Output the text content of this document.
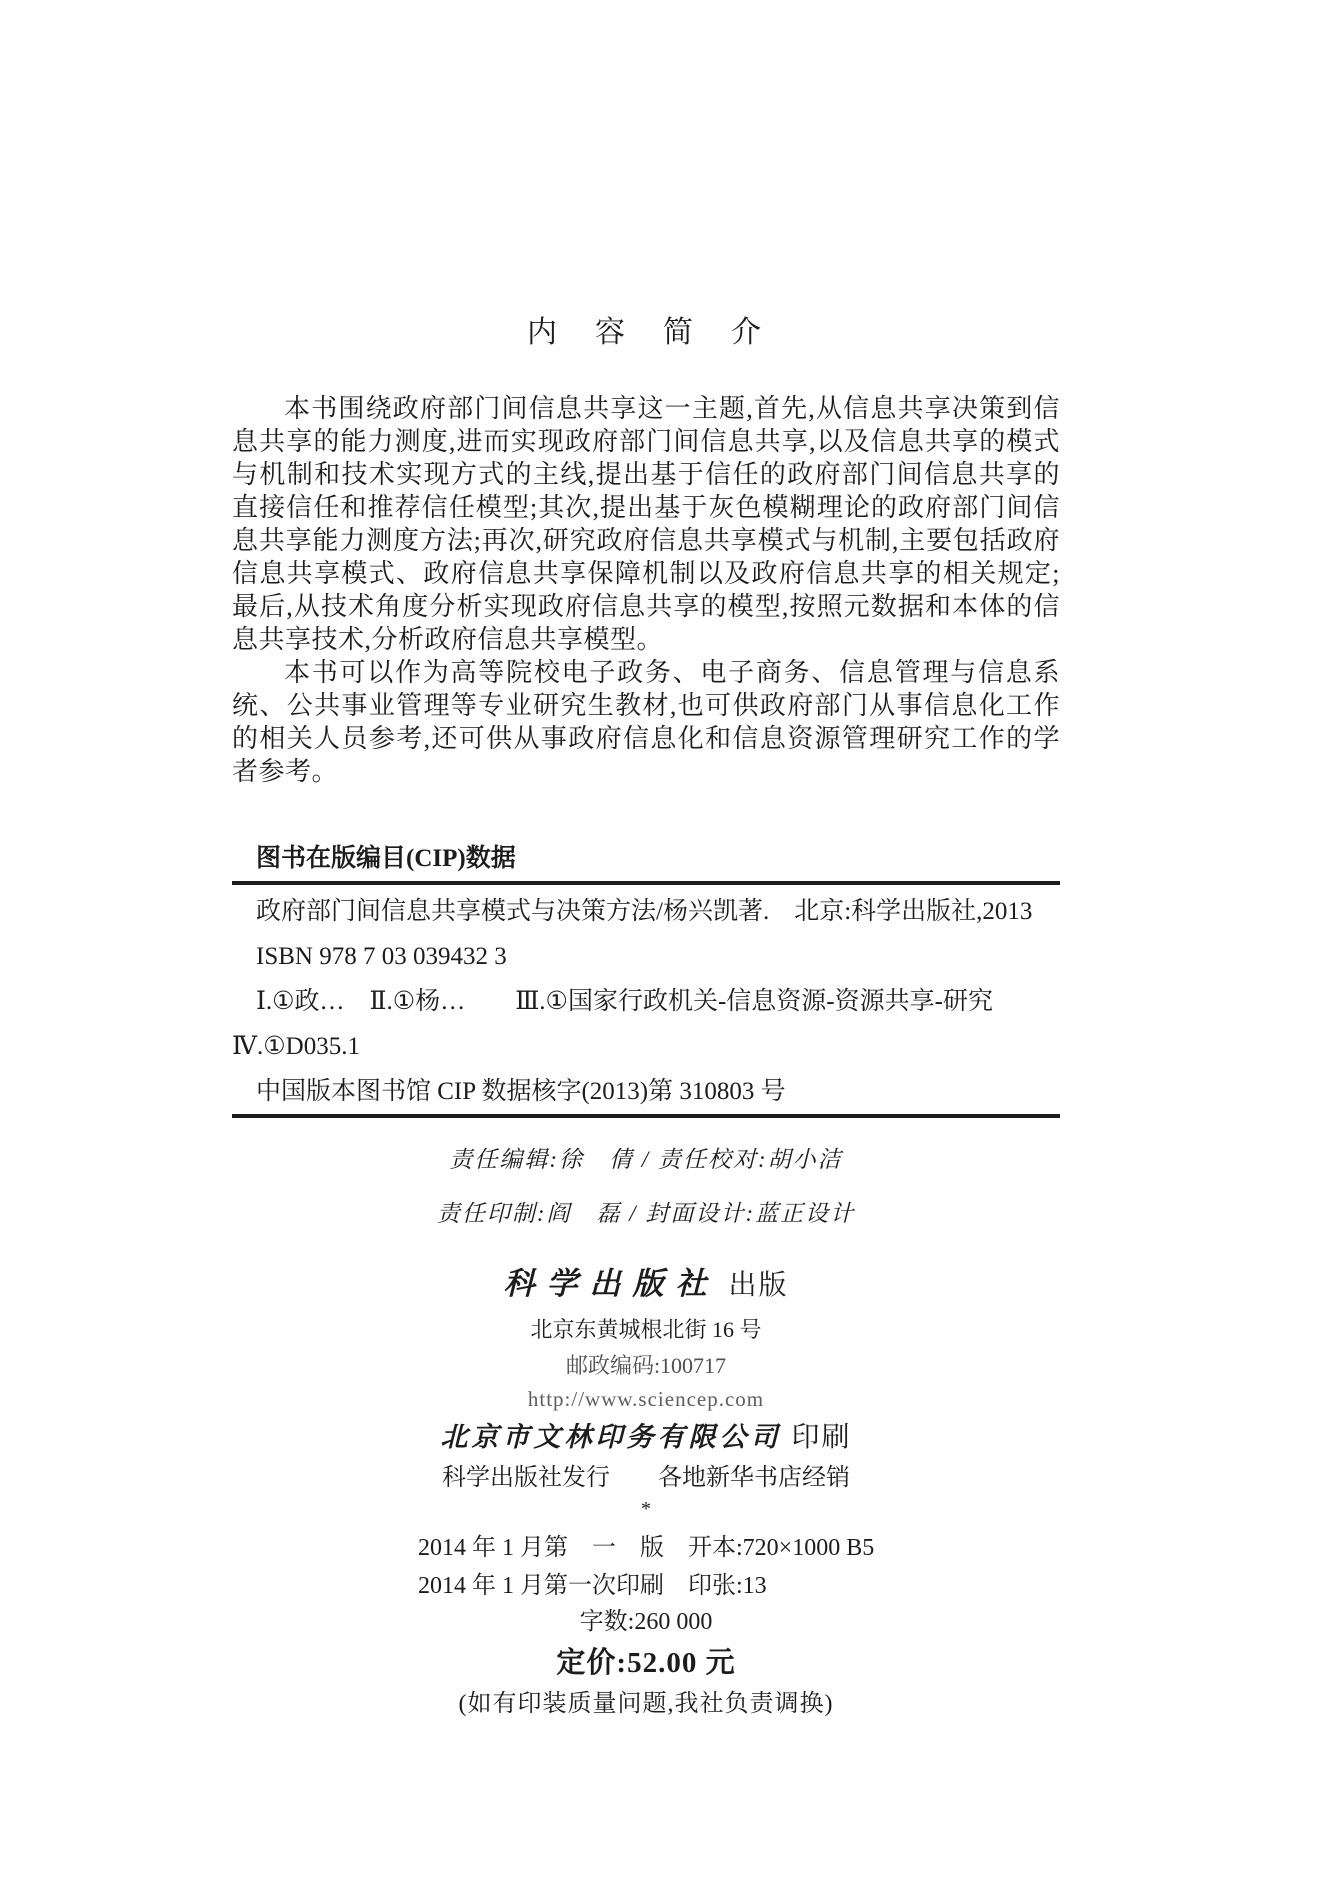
内　容　简　介

本书围绕政府部门间信息共享这一主题,首先,从信息共享决策到信息共享的能力测度,进而实现政府部门间信息共享,以及信息共享的模式与机制和技术实现方式的主线,提出基于信任的政府部门间信息共享的直接信任和推荐信任模型;其次,提出基于灰色模糊理论的政府部门间信息共享能力测度方法;再次,研究政府信息共享模式与机制,主要包括政府信息共享模式、政府信息共享保障机制以及政府信息共享的相关规定;最后,从技术角度分析实现政府信息共享的模型,按照元数据和本体的信息共享技术,分析政府信息共享模型。

本书可以作为高等院校电子政务、电子商务、信息管理与信息系统、公共事业管理等专业研究生教材,也可供政府部门从事信息化工作的相关人员参考,还可供从事政府信息化和信息资源管理研究工作的学者参考。

图书在版编目(CIP)数据
政府部门间信息共享模式与决策方法/杨兴凯著.　北京:科学出版社,2013
ISBN 978 7 03 039432 3
Ⅰ.①政…　Ⅱ.①杨…　　Ⅲ.①国家行政机关-信息资源-资源共享-研究
Ⅳ.①D035.1
中国版本图书馆 CIP 数据核字(2013)第 310803 号
责任编辑:徐　倩 / 责任校对:胡小洁
责任印制:阎　磊 / 封面设计:蓝正设计
科学出版社 出版
北京东黄城根北街 16 号
邮政编码:100717
http://www.sciencep.com
北京市文林印务有限公司 印刷
科学出版社发行　　各地新华书店经销
*
2014 年 1 月第　一　版	开本:720×1000 B5
2014 年 1 月第一次印刷	印张:13
字数:260 000
定价:52.00 元
(如有印装质量问题,我社负责调换)
